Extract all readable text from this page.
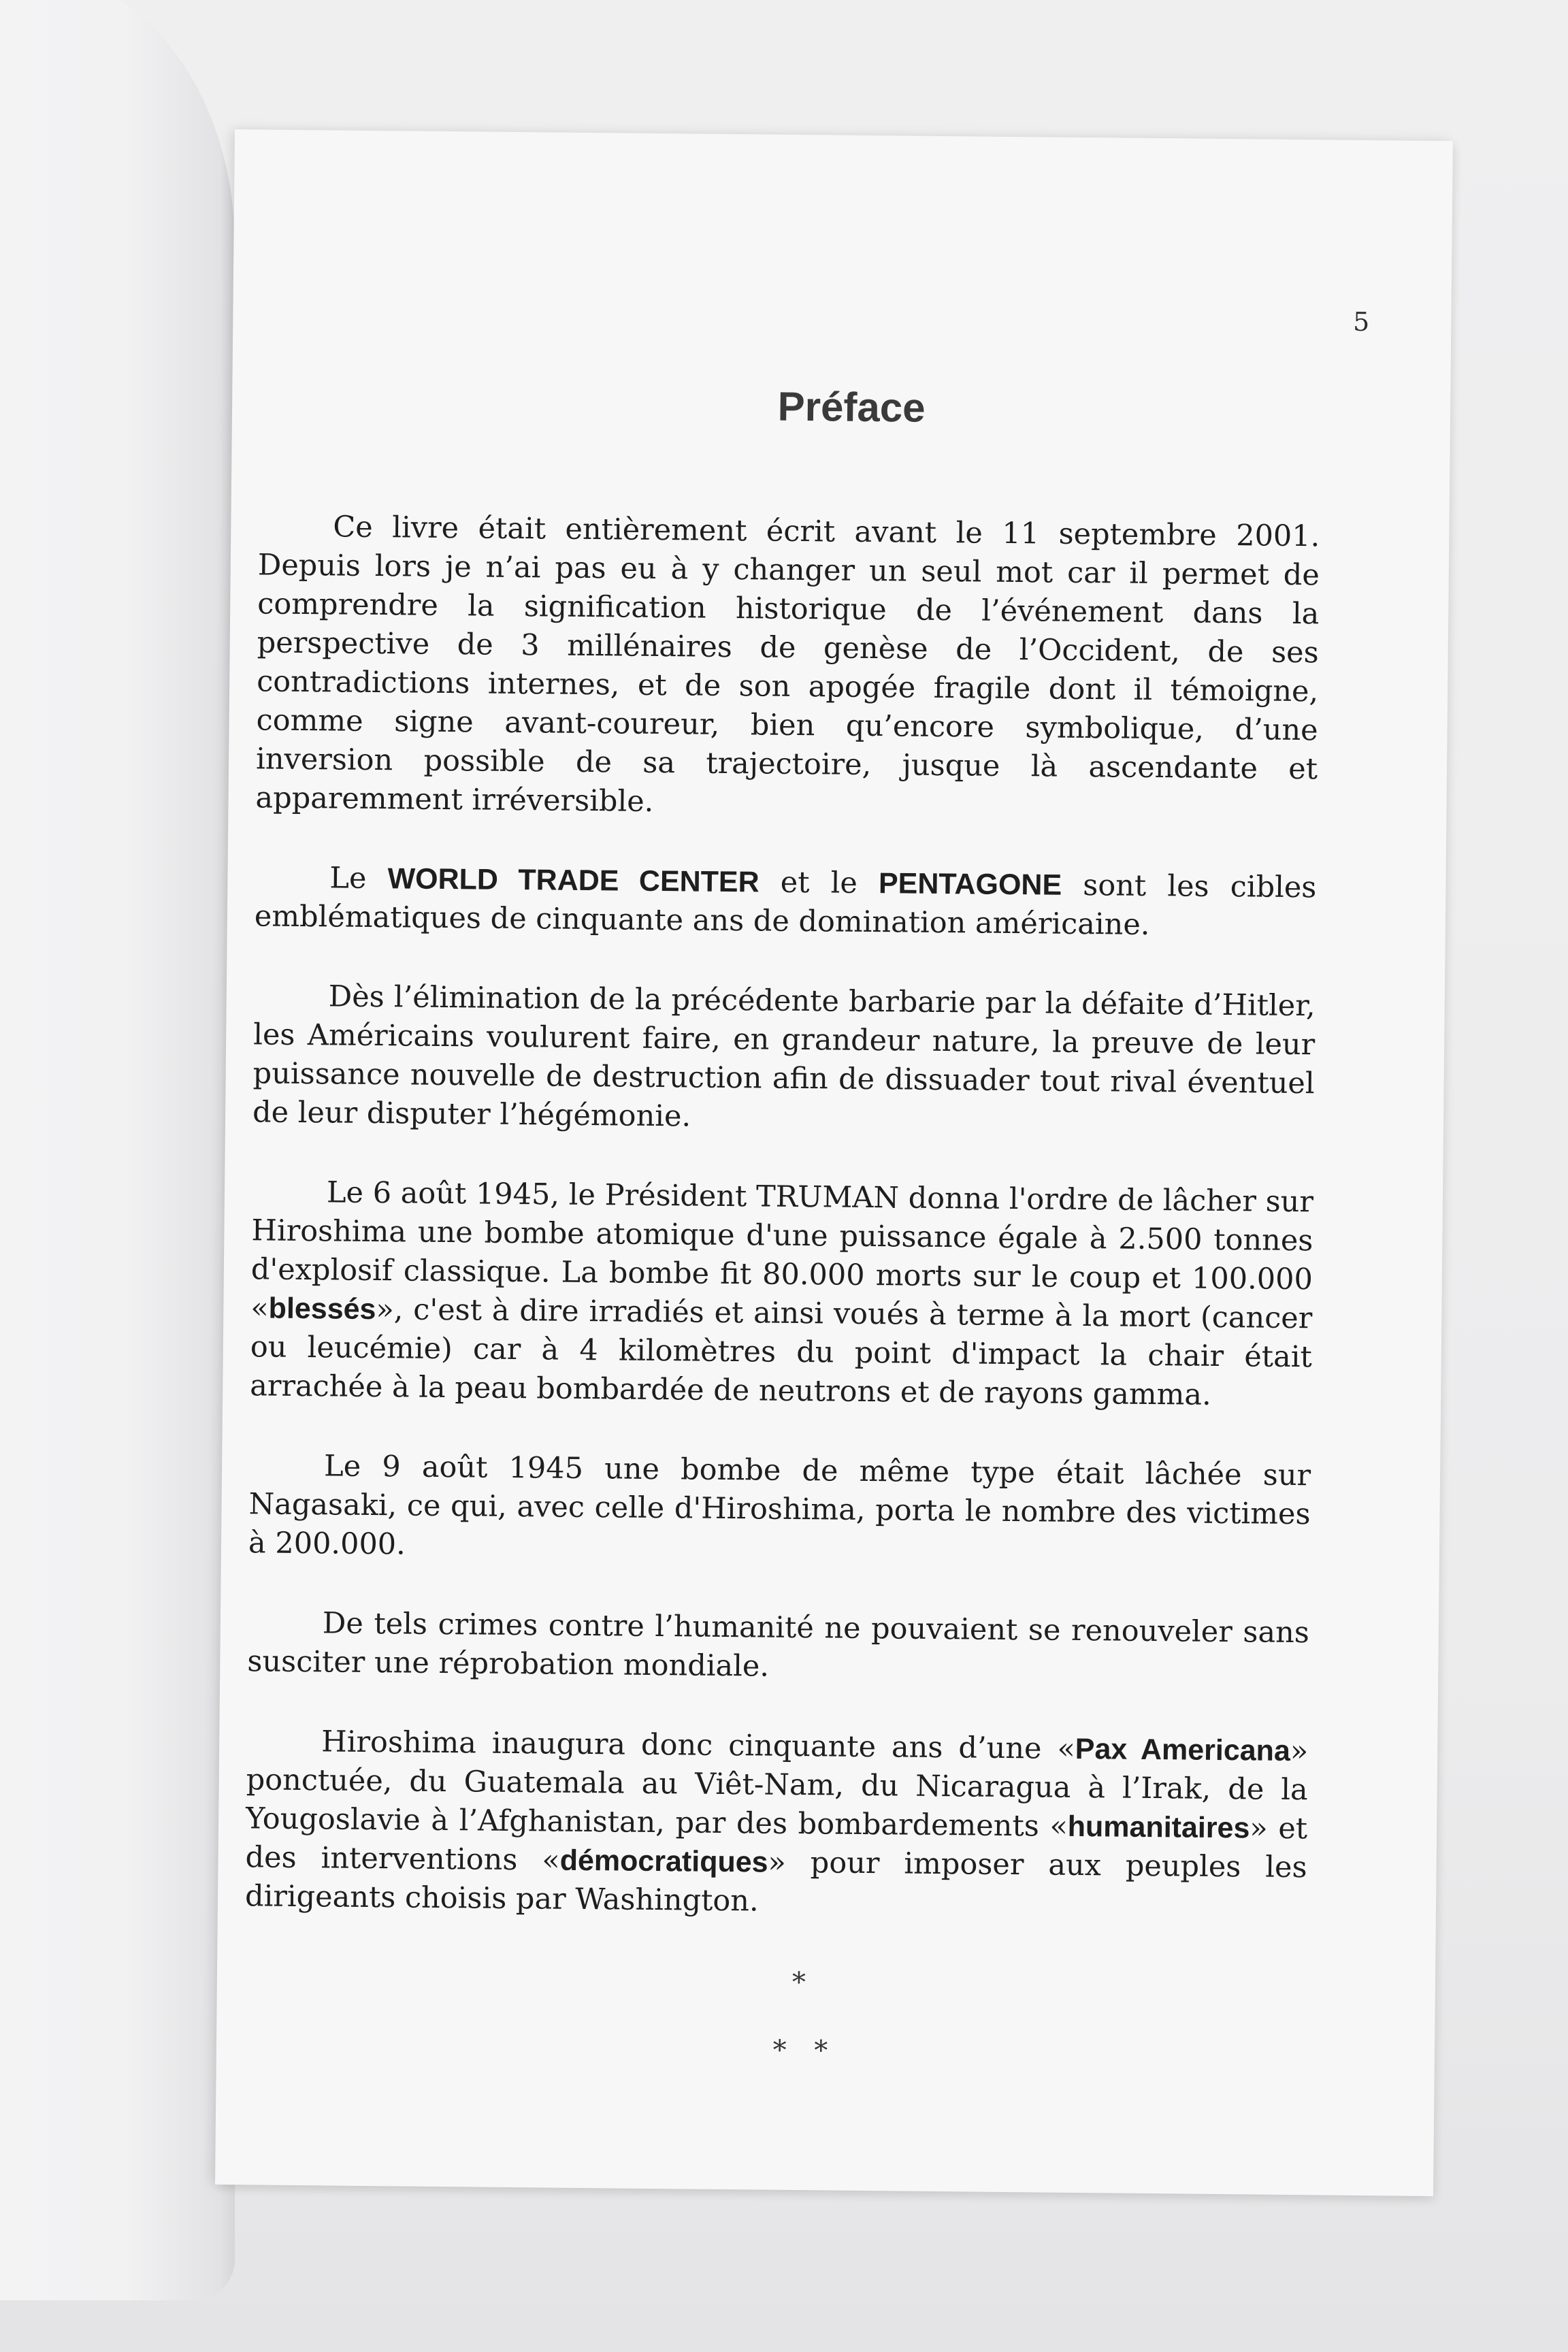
5
Préface

Ce livre était entièrement écrit avant le 11 septembre 2001. Depuis lors je n’ai pas eu à y changer un seul mot car il permet de comprendre la signification historique de l’événement dans la perspective de 3 millénaires de genèse de l’Occident, de ses contradictions internes, et de son apogée fragile dont il témoigne, comme signe avant-coureur, bien qu’encore symbolique, d’une inversion possible de sa trajectoire, jusque là ascendante et apparemment irréversible.

Le WORLD TRADE CENTER et le PENTAGONE sont les cibles emblématiques de cinquante ans de domination américaine.

Dès l’élimination de la précédente barbarie par la défaite d’Hitler, les Américains voulurent faire, en grandeur nature, la preuve de leur puissance nouvelle de destruction afin de dissuader tout rival éventuel de leur disputer l’hégémonie.

Le 6 août 1945, le Président TRUMAN donna l'ordre de lâcher sur Hiroshima une bombe atomique d'une puissance égale à 2.500 tonnes d'explosif classique. La bombe fit 80.000 morts sur le coup et 100.000 «blessés», c'est à dire irradiés et ainsi voués à terme à la mort (cancer ou leucémie) car à 4 kilomètres du point d'impact la chair était arrachée à la peau bombardée de neutrons et de rayons gamma.

Le 9 août 1945 une bombe de même type était lâchée sur Nagasaki, ce qui, avec celle d'Hiroshima, porta le nombre des victimes à 200.000.

De tels crimes contre l’humanité ne pouvaient se renouveler sans susciter une réprobation mondiale.

Hiroshima inaugura donc cinquante ans d’une «Pax Americana» ponctuée, du Guatemala au Viêt-Nam, du Nicaragua à l’Irak, de la Yougoslavie à l’Afghanistan, par des bombardements «humanitaires» et des interventions «démocratiques» pour imposer aux peuples les dirigeants choisis par Washington.

*
* *
